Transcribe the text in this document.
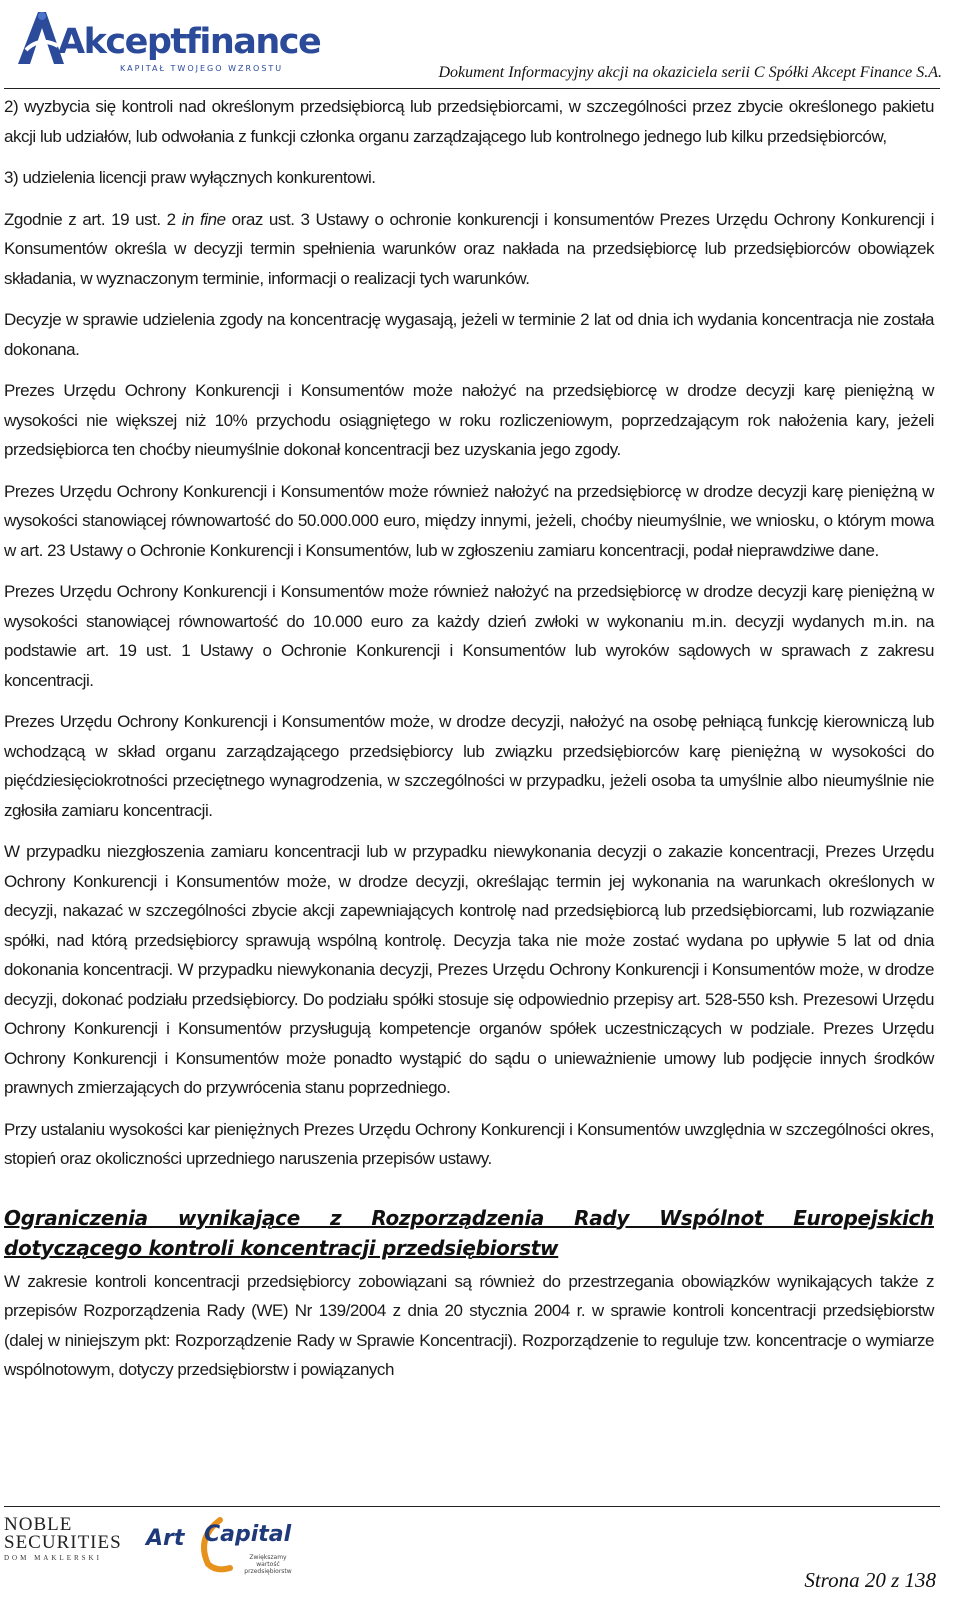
Akceptfinance
KAPITAŁ TWOJEGO WZROSTU	Dokument Informacyjny akcji na okaziciela serii C Spółki Akcept Finance S.A.

2) wyzbycia się kontroli nad określonym przedsiębiorcą lub przedsiębiorcami, w szczególności przez zbycie określonego pakietu akcji lub udziałów, lub odwołania z funkcji członka organu zarządzającego lub kontrolnego jednego lub kilku przedsiębiorców,

3) udzielenia licencji praw wyłącznych konkurentowi.

Zgodnie z art. 19 ust. 2 in fine oraz ust. 3 Ustawy o ochronie konkurencji i konsumentów Prezes Urzędu Ochrony Konkurencji i Konsumentów określa w decyzji termin spełnienia warunków oraz nakłada na przedsiębiorcę lub przedsiębiorców obowiązek składania, w wyznaczonym terminie, informacji o realizacji tych warunków.

Decyzje w sprawie udzielenia zgody na koncentrację wygasają, jeżeli w terminie 2 lat od dnia ich wydania koncentracja nie została dokonana.

Prezes Urzędu Ochrony Konkurencji i Konsumentów może nałożyć na przedsiębiorcę w drodze decyzji karę pieniężną w wysokości nie większej niż 10% przychodu osiągniętego w roku rozliczeniowym, poprzedzającym rok nałożenia kary, jeżeli przedsiębiorca ten choćby nieumyślnie dokonał koncentracji bez uzyskania jego zgody.

Prezes Urzędu Ochrony Konkurencji i Konsumentów może również nałożyć na przedsiębiorcę w drodze decyzji karę pieniężną w wysokości stanowiącej równowartość do 50.000.000 euro, między innymi, jeżeli, choćby nieumyślnie, we wniosku, o którym mowa w art. 23 Ustawy o Ochronie Konkurencji i Konsumentów, lub w zgłoszeniu zamiaru koncentracji, podał nieprawdziwe dane.

Prezes Urzędu Ochrony Konkurencji i Konsumentów może również nałożyć na przedsiębiorcę w drodze decyzji karę pieniężną w wysokości stanowiącej równowartość do 10.000 euro za każdy dzień zwłoki w wykonaniu m.in. decyzji wydanych m.in. na podstawie art. 19 ust. 1 Ustawy o Ochronie Konkurencji i Konsumentów lub wyroków sądowych w sprawach z zakresu koncentracji.

Prezes Urzędu Ochrony Konkurencji i Konsumentów może, w drodze decyzji, nałożyć na osobę pełniącą funkcję kierowniczą lub wchodzącą w skład organu zarządzającego przedsiębiorcy lub związku przedsiębiorców karę pieniężną w wysokości do pięćdziesięciokrotności przeciętnego wynagrodzenia, w szczególności w przypadku, jeżeli osoba ta umyślnie albo nieumyślnie nie zgłosiła zamiaru koncentracji.

W przypadku niezgłoszenia zamiaru koncentracji lub w przypadku niewykonania decyzji o zakazie koncentracji, Prezes Urzędu Ochrony Konkurencji i Konsumentów może, w drodze decyzji, określając termin jej wykonania na warunkach określonych w decyzji, nakazać w szczególności zbycie akcji zapewniających kontrolę nad przedsiębiorcą lub przedsiębiorcami, lub rozwiązanie spółki, nad którą przedsiębiorcy sprawują wspólną kontrolę. Decyzja taka nie może zostać wydana po upływie 5 lat od dnia dokonania koncentracji. W przypadku niewykonania decyzji, Prezes Urzędu Ochrony Konkurencji i Konsumentów może, w drodze decyzji, dokonać podziału przedsiębiorcy. Do podziału spółki stosuje się odpowiednio przepisy art. 528-550 ksh. Prezesowi Urzędu Ochrony Konkurencji i Konsumentów przysługują kompetencje organów spółek uczestniczących w podziale. Prezes Urzędu Ochrony Konkurencji i Konsumentów może ponadto wystąpić do sądu o unieważnienie umowy lub podjęcie innych środków prawnych zmierzających do przywrócenia stanu poprzedniego.

Przy ustalaniu wysokości kar pieniężnych Prezes Urzędu Ochrony Konkurencji i Konsumentów uwzględnia w szczególności okres, stopień oraz okoliczności uprzedniego naruszenia przepisów ustawy.

Ograniczenia wynikające z Rozporządzenia Rady Wspólnot Europejskich dotyczącego kontroli koncentracji przedsiębiorstw

W zakresie kontroli koncentracji przedsiębiorcy zobowiązani są również do przestrzegania obowiązków wynikających także z przepisów Rozporządzenia Rady (WE) Nr 139/2004 z dnia 20 stycznia 2004 r. w sprawie kontroli koncentracji przedsiębiorstw (dalej w niniejszym pkt: Rozporządzenie Rady w Sprawie Koncentracji). Rozporządzenie to reguluje tzw. koncentracje o wymiarze wspólnotowym, dotyczy przedsiębiorstw i powiązanych

NOBLE
SECURITIES
DOM MAKLERSKI
Art Capital
Zwiększamy wartość przedsiębiorstw	Strona 20 z 138
